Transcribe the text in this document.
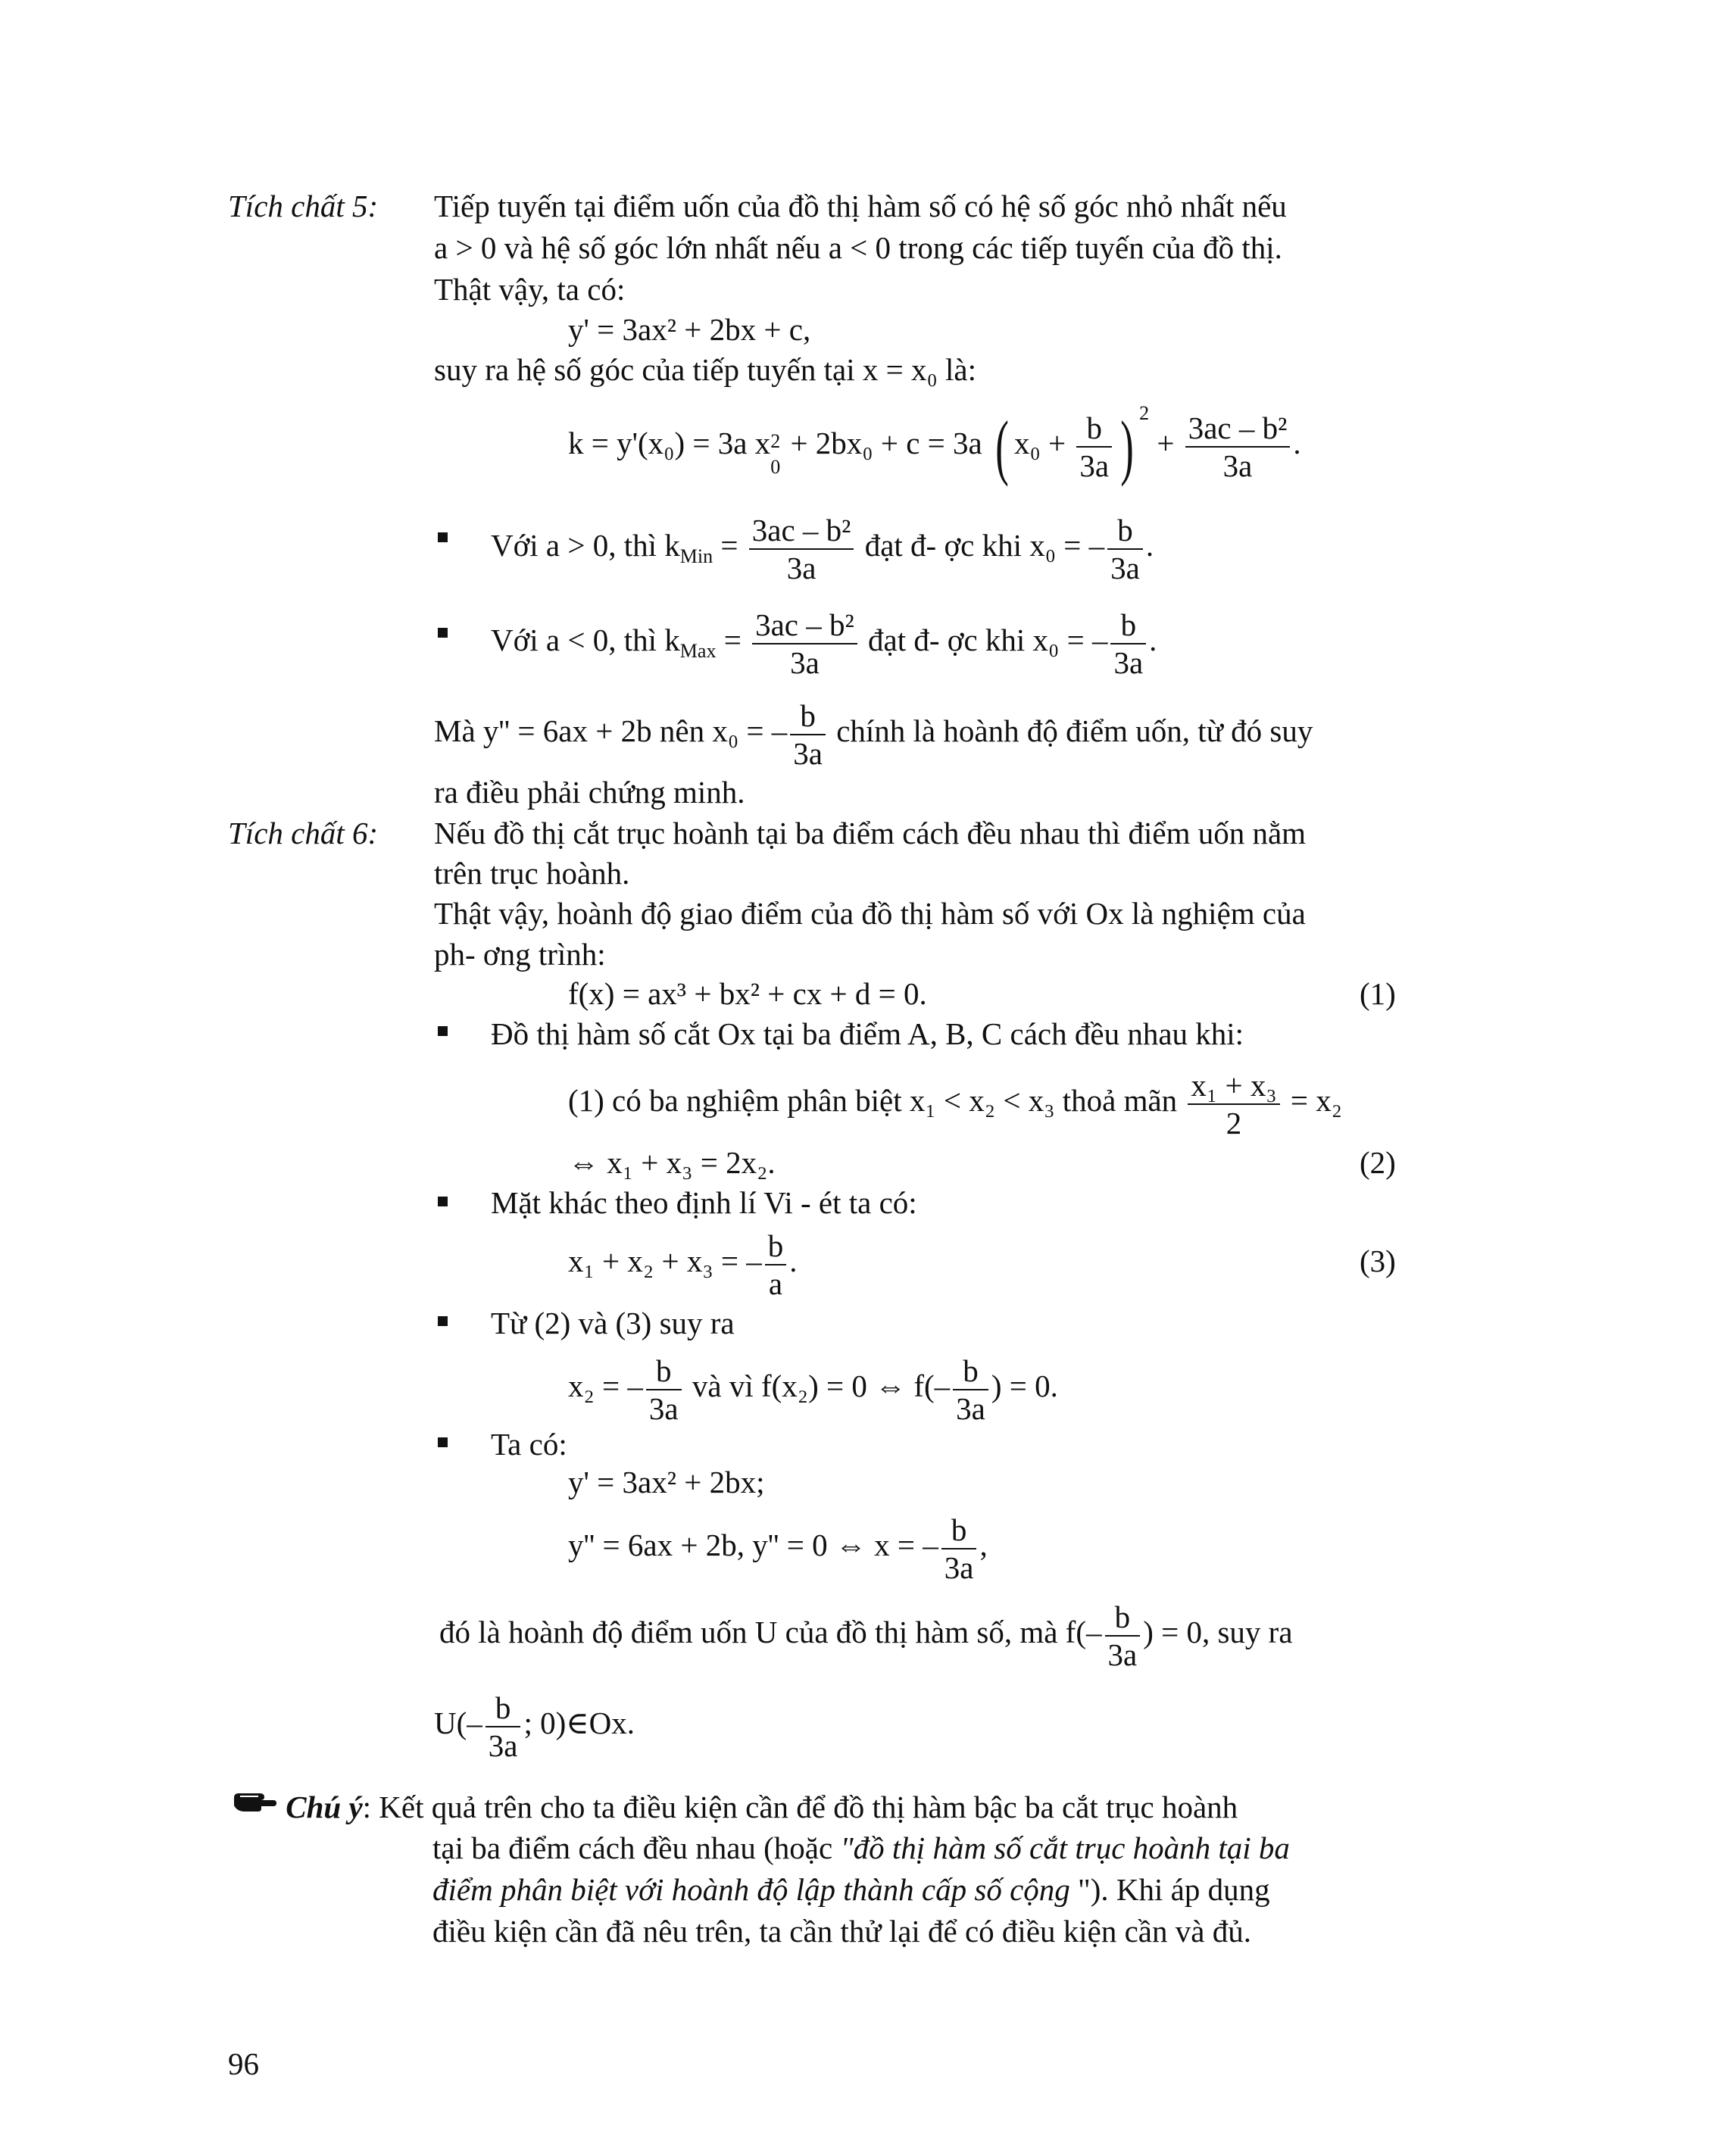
Tích chất 5: Tiếp tuyến tại điểm uốn của đồ thị hàm số có hệ số góc nhỏ nhất nếu
a > 0 và hệ số góc lớn nhất nếu a < 0 trong các tiếp tuyến của đồ thị.
Thật vậy, ta có:
y' = 3ax² + 2bx + c,
suy ra hệ số góc của tiếp tuyến tại x = x₀ là:
k = y'(x₀) = 3a x 2
0
+ 2bx₀ + c = 3a ( $x_0 + \frac{b}{3a}$ ) $^2 + \frac{\text{3ac – b²}}{3a}$ .
Với a > 0, thì $k_{Min} = \frac{\text{3ac – b²}}{3a}$ đạt đ- ợc khi x₀ = – $\frac{b}{3a}$ .
Với a < 0, thì $k_{Max} = \frac{\text{3ac – b²}}{3a}$ đạt đ- ợc khi x₀ = – $\frac{b}{3a}$ .
Mà y'' = 6ax + 2b nên x₀ = – $\frac{b}{3a}$ chính là hoành độ điểm uốn, từ đó suy
ra điều phải chứng minh.
Tích chất 6: Nếu đồ thị cắt trục hoành tại ba điểm cách đều nhau thì điểm uốn nằm
trên trục hoành.
Thật vậy, hoành độ giao điểm của đồ thị hàm số với Ox là nghiệm của
ph- ơng trình:
f(x) = ax³ + bx² + cx + d = 0.	(1)
Đồ thị hàm số cắt Ox tại ba điểm A, B, C cách đều nhau khi:
(1) có ba nghiệm phân biệt x₁ < x₂ < x₃ thoả mãn $\frac{\text{x₁ + x₃}}{2} = x_2$
⇔ x₁ + x₃ = 2x₂.	(2)
Mặt khác theo định lí Vi - ét ta có:
x₁ + x₂ + x₃ = – $\frac{b}{a}$ .	(3)
Từ (2) và (3) suy ra
x₂ = – $\frac{b}{3a}$ và vì f(x₂) = 0 ⇔ $f(- \frac{b}{3a}$ ) = 0.
Ta có:
y' = 3ax² + 2bx;
y'' = 6ax + 2b, y'' = 0 ⇔ x = – $\frac{b}{3a}$ ,
đó là hoành độ điểm uốn U của đồ thị hàm số, mà $f(- \frac{b}{3a}$ ) = 0, suy ra
$U(- \frac{b}{3a}$ ; 0)∈Ox.
Chú ý: Kết quả trên cho ta điều kiện cần để đồ thị hàm bậc ba cắt trục hoành
tại ba điểm cách đều nhau (hoặc "đồ thị hàm số cắt trục hoành tại ba
điểm phân biệt với hoành độ lập thành cấp số cộng "). Khi áp dụng
điều kiện cần đã nêu trên, ta cần thử lại để có điều kiện cần và đủ.
96
